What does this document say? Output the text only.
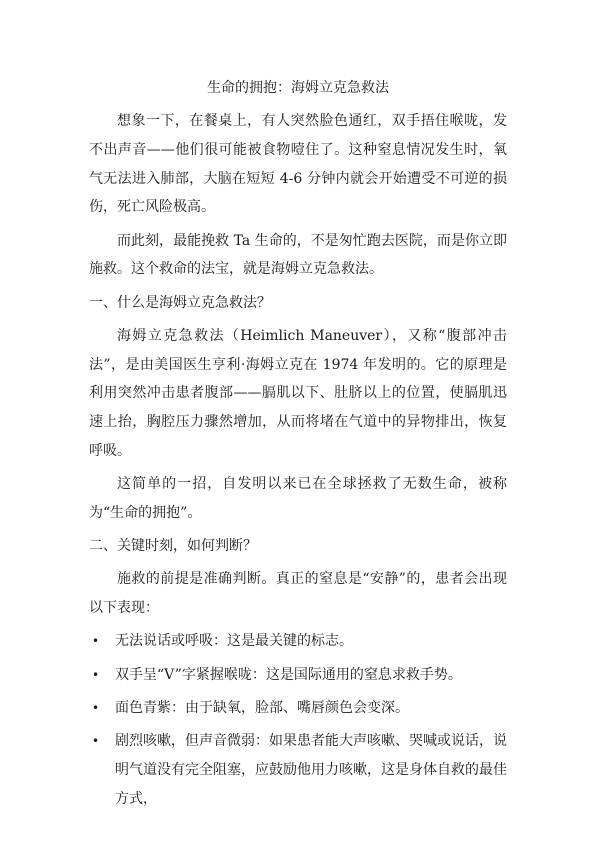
生命的拥抱：海姆立克急救法

想象一下，在餐桌上，有人突然脸色通红，双手捂住喉咙，发不出声音——他们很可能被食物噎住了。这种窒息情况发生时，氧气无法进入肺部，大脑在短短 4-6 分钟内就会开始遭受不可逆的损伤，死亡风险极高。

而此刻，最能挽救 Ta 生命的，不是匆忙跑去医院，而是你立即施救。这个救命的法宝，就是海姆立克急救法。

一、什么是海姆立克急救法？

海姆立克急救法（Heimlich Maneuver），又称“腹部冲击法”，是由美国医生亨利·海姆立克在 1974 年发明的。它的原理是利用突然冲击患者腹部——膈肌以下、肚脐以上的位置，使膈肌迅速上抬，胸腔压力骤然增加，从而将堵在气道中的异物排出，恢复呼吸。

这简单的一招，自发明以来已在全球拯救了无数生命，被称为“生命的拥抱”。

二、关键时刻，如何判断？

施救的前提是准确判断。真正的窒息是“安静”的，患者会出现以下表现：

• 无法说话或呼吸：这是最关键的标志。
• 双手呈“V”字紧握喉咙：这是国际通用的窒息求救手势。
• 面色青紫：由于缺氧，脸部、嘴唇颜色会变深。
• 剧烈咳嗽，但声音微弱：如果患者能大声咳嗽、哭喊或说话，说明气道没有完全阻塞，应鼓励他用力咳嗽，这是身体自救的最佳方式，
